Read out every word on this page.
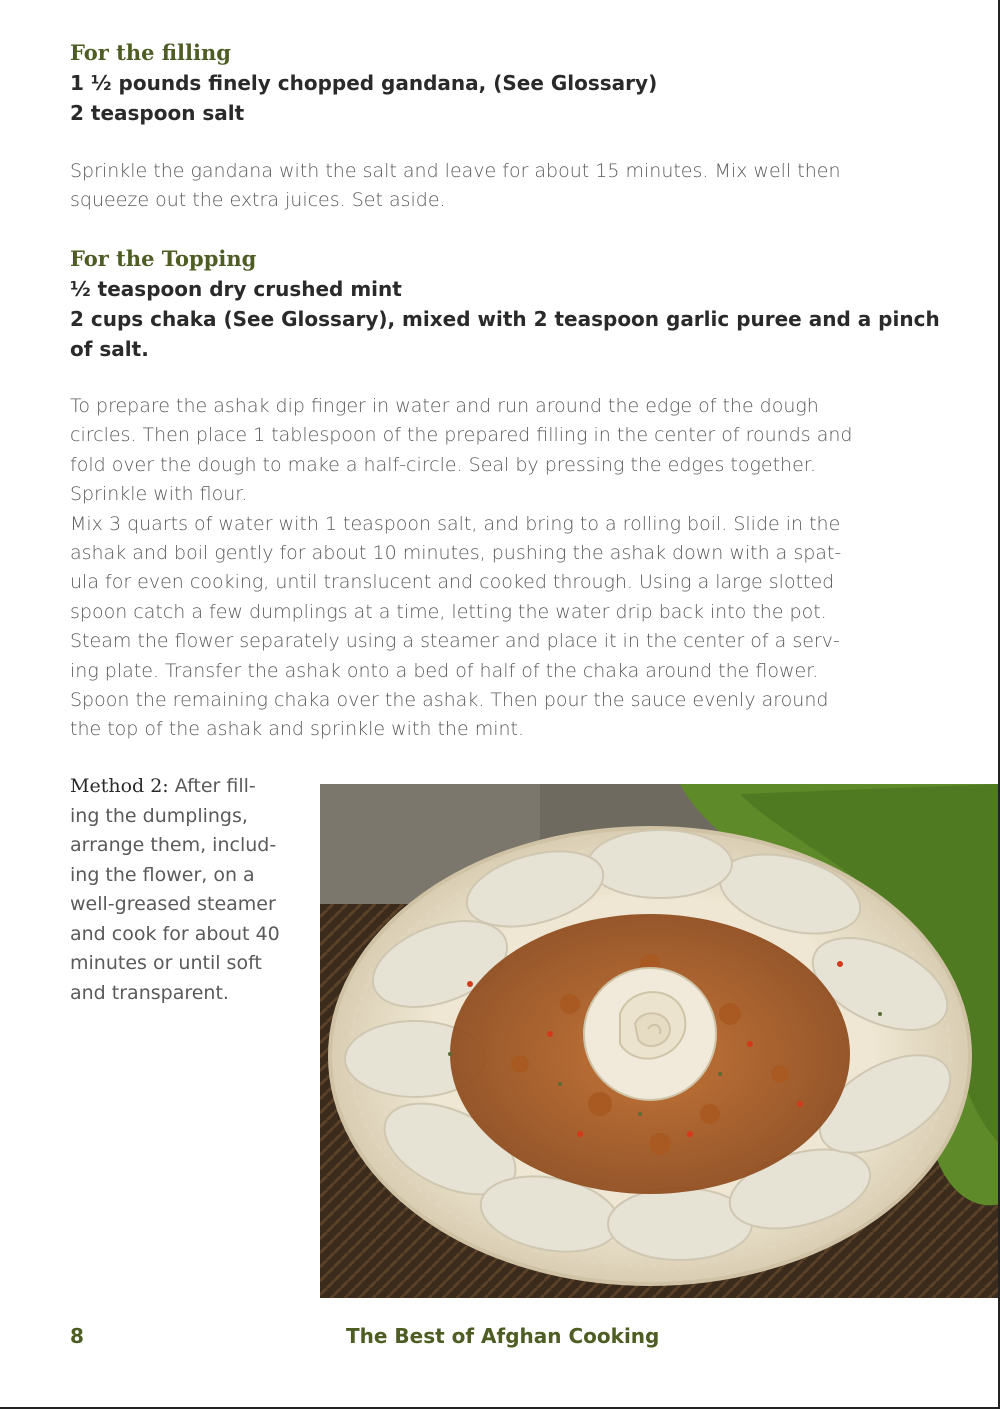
For the filling

1 ½ pounds finely chopped gandana, (See Glossary)

2 teaspoon salt

Sprinkle the gandana with the salt and leave for about 15 minutes. Mix well then

squeeze out the extra juices. Set aside.

For the Topping

½ teaspoon dry crushed mint

2 cups chaka (See Glossary), mixed with 2 teaspoon garlic puree and a pinch

of salt.

To prepare the ashak dip finger in water and run around the edge of the dough

circles. Then place 1 tablespoon of the prepared filling in the center of rounds and

fold over the dough to make a half-circle. Seal by pressing the edges together.

Sprinkle with flour.

Mix 3 quarts of water with 1 teaspoon salt, and bring to a rolling boil. Slide in the

ashak and boil gently for about 10 minutes, pushing the ashak down with a spat-

ula for even cooking, until translucent and cooked through. Using a large slotted

spoon catch a few dumplings at a time, letting the water drip back into the pot.

Steam the flower separately using a steamer and place it in the center of a serv-

ing plate. Transfer the ashak onto a bed of half of the chaka around the flower.

Spoon the remaining chaka over the ashak. Then pour the sauce evenly around

the top of the ashak and sprinkle with the mint.

Method 2: After fill-
ing the dumplings,
arrange them, includ-
ing the flower, on a
well-greased steamer
and cook for about 40
minutes or until soft
and transparent.

8	The Best of Afghan Cooking
